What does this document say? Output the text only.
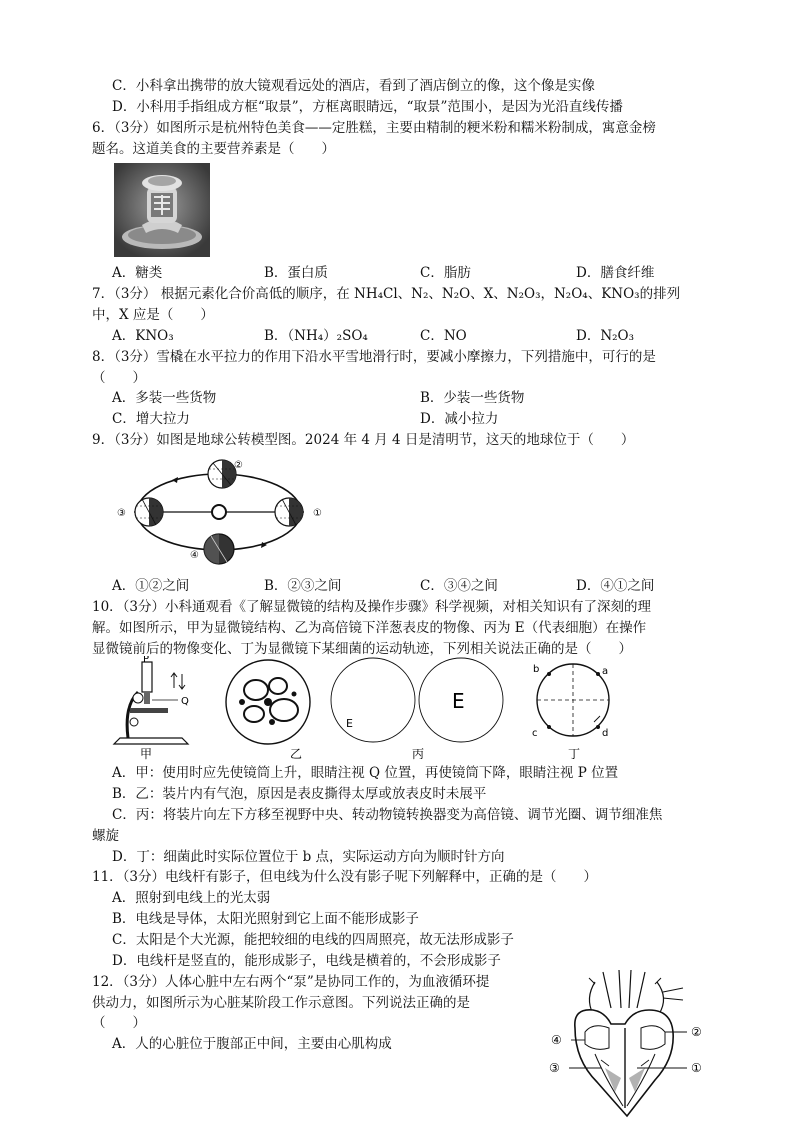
C．小科拿出携带的放大镜观看远处的酒店，看到了酒店倒立的像，这个像是实像
D．小科用手指组成方框“取景”，方框离眼睛远，“取景”范围小，是因为光沿直线传播
6．（3分）如图所示是杭州特色美食——定胜糕，主要由精制的粳米粉和糯米粉制成，寓意金榜
题名。这道美食的主要营养素是（　　）
A．糖类	B．蛋白质	C．脂肪	D．膳食纤维
7．（3分） 根据元素化合价高低的顺序，在 NH₄Cl、N₂、N₂O、X、N₂O₃，N₂O₄、KNO₃的排列
中，X 应是（　　）
A．KNO₃	B．（NH₄）₂SO₄	C．NO	D．N₂O₃
8．（3分）雪橇在水平拉力的作用下沿水平雪地滑行时，要减小摩擦力，下列措施中，可行的是
（　　）
A．多装一些货物	B．少装一些货物
C．增大拉力	D．减小拉力
9．（3分）如图是地球公转模型图。2024 年 4 月 4 日是清明节，这天的地球位于（　　）
①
②
③
④
A．①②之间	B．②③之间	C．③④之间	D．④①之间
10．（3分）小科通观看《了解显微镜的结构及操作步骤》科学视频，对相关知识有了深刻的理
解。如图所示，甲为显微镜结构、乙为高倍镜下洋葱表皮的物像、丙为 E（代表细胞）在操作
显微镜前后的物像变化、丁为显微镜下某细菌的运动轨迹，下列相关说法正确的是（　　）
P
Q
E
E
b	a
c	d
甲	乙	丙	丁
A．甲：使用时应先使镜筒上升，眼睛注视 Q 位置，再使镜筒下降，眼睛注视 P 位置
B．乙：装片内有气泡，原因是表皮撕得太厚或放表皮时未展平
C．丙：将装片向左下方移至视野中央、转动物镜转换器变为高倍镜、调节光圈、调节细准焦
螺旋
D．丁：细菌此时实际位置位于 b 点，实际运动方向为顺时针方向
11．（3分）电线杆有影子，但电线为什么没有影子呢下列解释中，正确的是（　　）
A．照射到电线上的光太弱
B．电线是导体，太阳光照射到它上面不能形成影子
C．太阳是个大光源，能把较细的电线的四周照亮，故无法形成影子
D．电线杆是竖直的，能形成影子，电线是横着的，不会形成影子
12．（3分）人体心脏中左右两个“泵”是协同工作的，为血液循环提
供动力，如图所示为心脏某阶段工作示意图。下列说法正确的是
（　　）
A．人的心脏位于腹部正中间，主要由心肌构成
①
②
③
④
